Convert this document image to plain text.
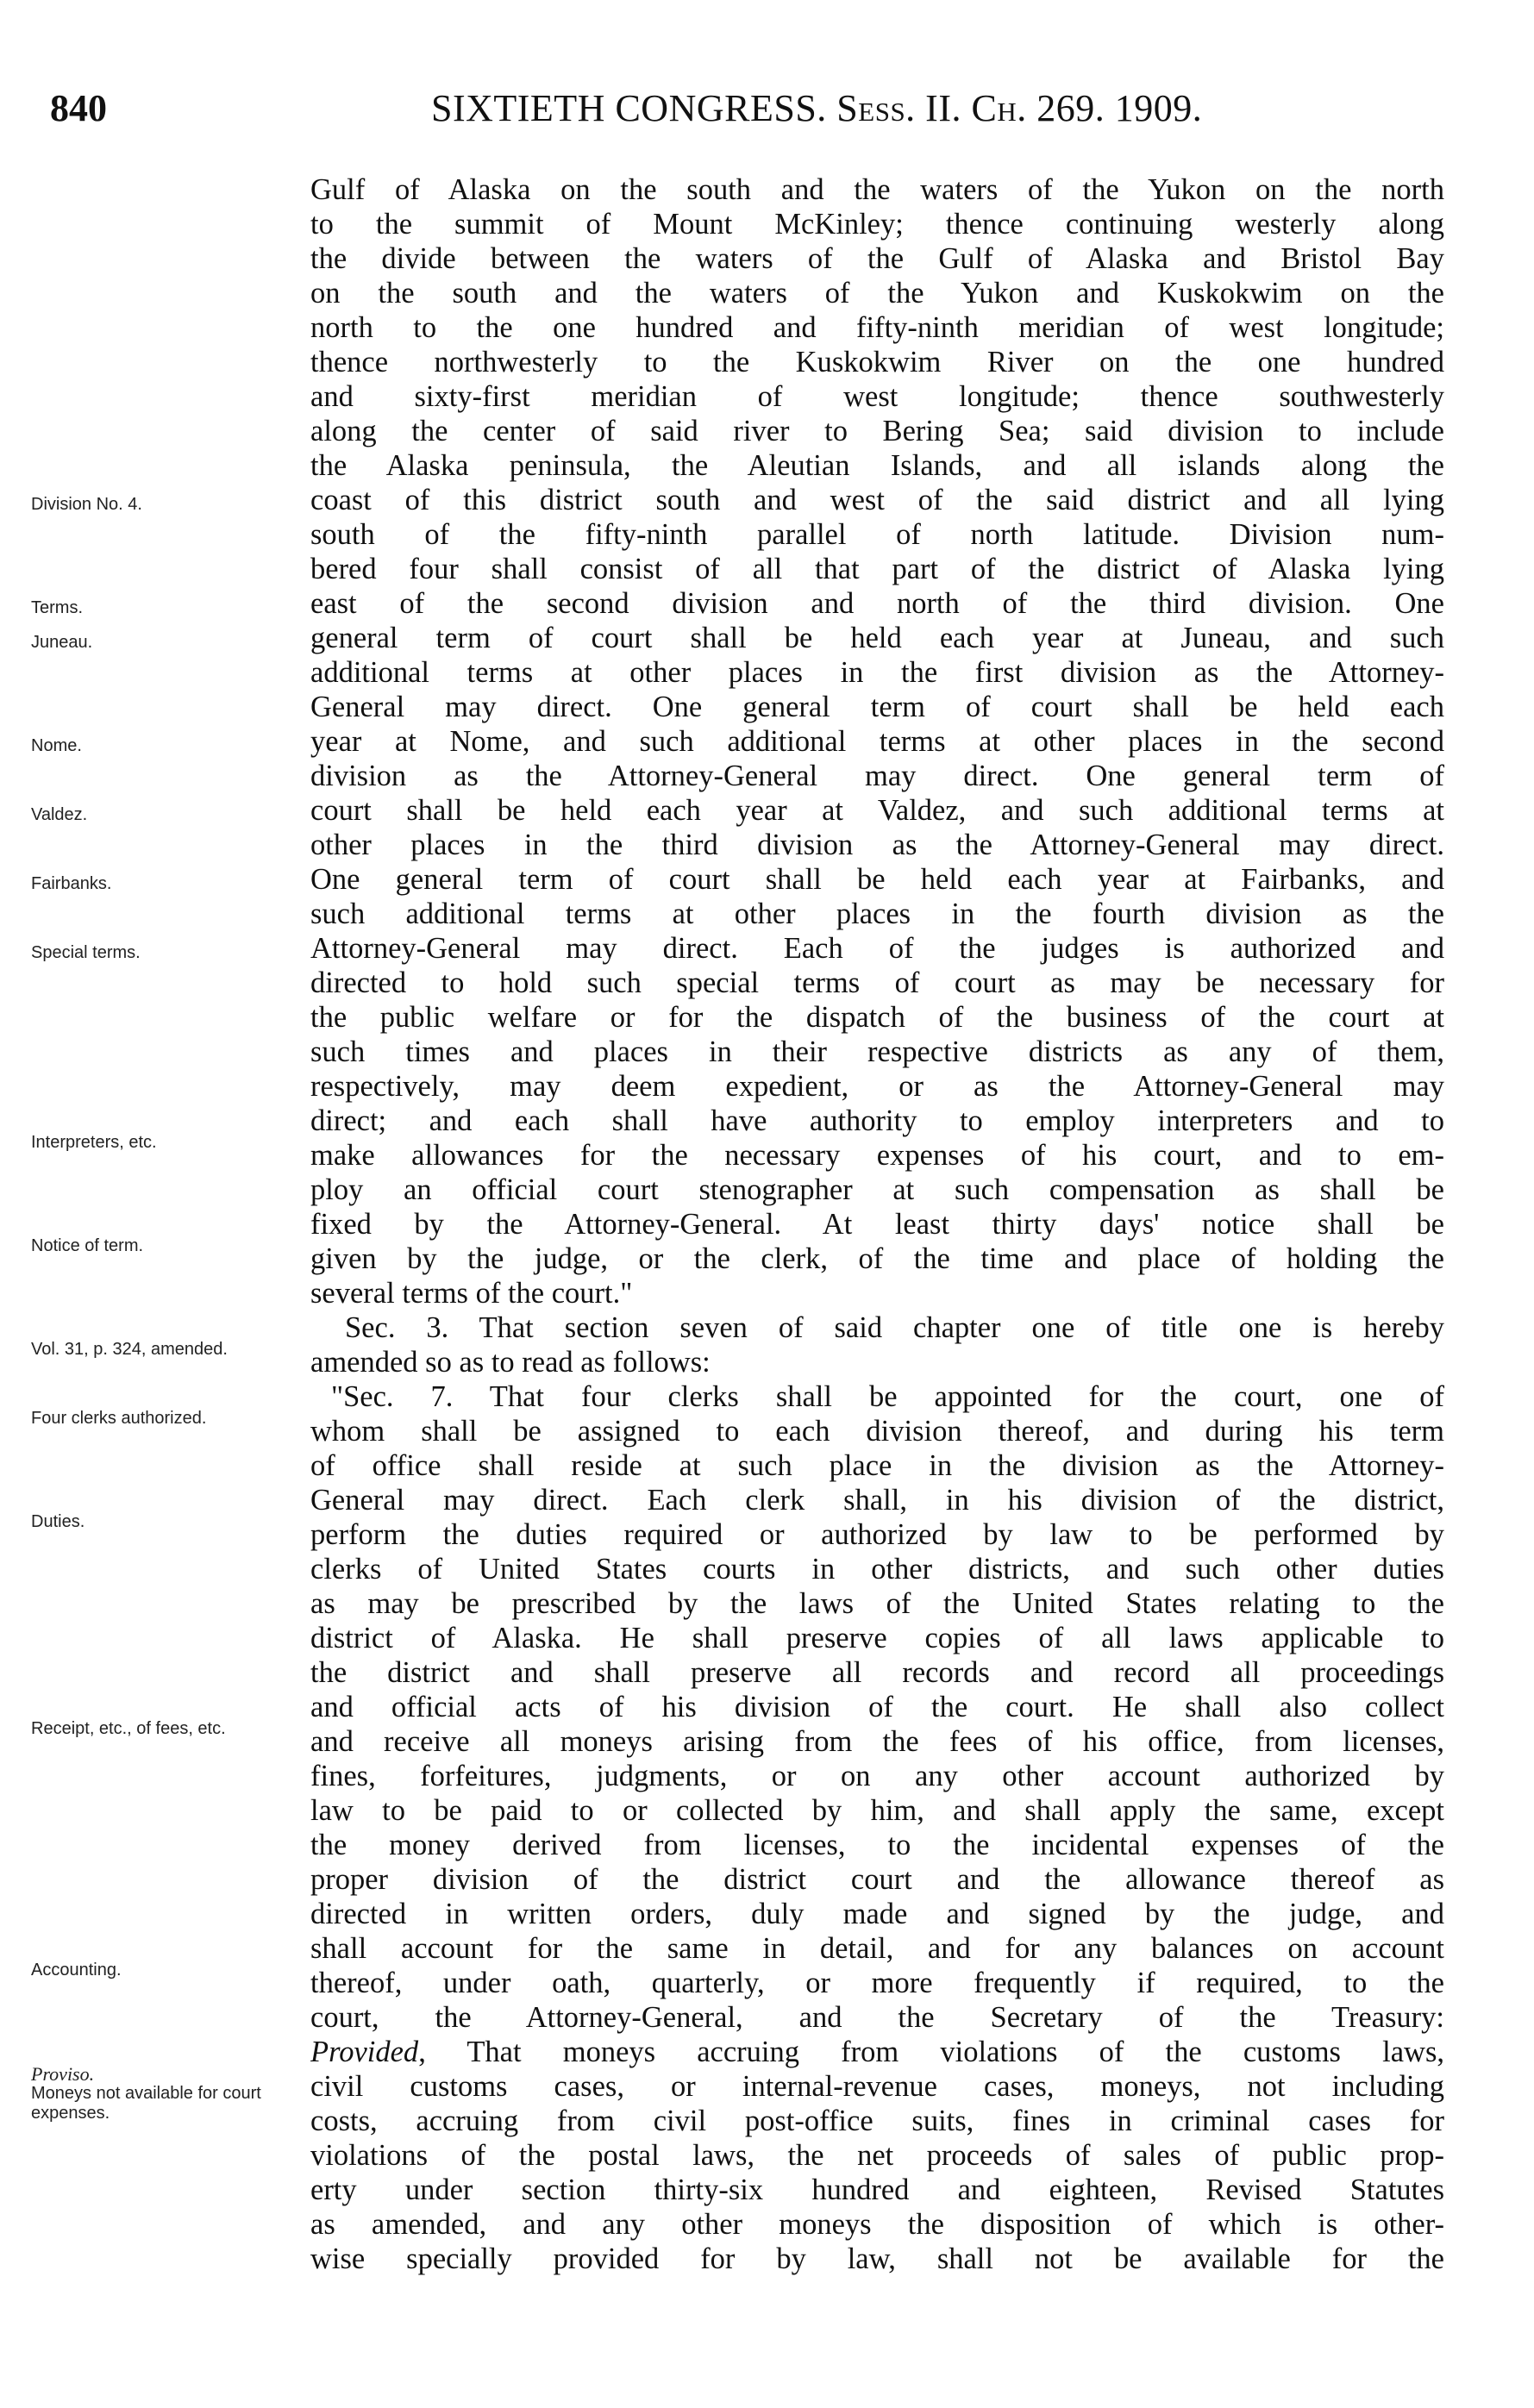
840	SIXTIETH CONGRESS. Sess. II. Ch. 269. 1909.
Division No. 4.
Terms.
Juneau.
Nome.
Valdez.
Fairbanks.
Special terms.
Interpreters, etc.
Notice of term.
Vol. 31, p. 324, amended.
Four clerks authorized.
Duties.
Receipt, etc., of fees, etc.
Accounting.
Proviso.
Moneys not available for court expenses.
Gulf of Alaska on the south and the waters of the Yukon on the north
to the summit of Mount McKinley; thence continuing westerly along
the divide between the waters of the Gulf of Alaska and Bristol Bay
on the south and the waters of the Yukon and Kuskokwim on the
north to the one hundred and fifty-ninth meridian of west longitude;
thence northwesterly to the Kuskokwim River on the one hundred
and sixty-first meridian of west longitude; thence southwesterly
along the center of said river to Bering Sea; said division to include
the Alaska peninsula, the Aleutian Islands, and all islands along the
coast of this district south and west of the said district and all lying
south of the fifty-ninth parallel of north latitude. Division num-
bered four shall consist of all that part of the district of Alaska lying
east of the second division and north of the third division. One
general term of court shall be held each year at Juneau, and such
additional terms at other places in the first division as the Attorney-
General may direct. One general term of court shall be held each
year at Nome, and such additional terms at other places in the second
division as the Attorney-General may direct. One general term of
court shall be held each year at Valdez, and such additional terms at
other places in the third division as the Attorney-General may direct.
One general term of court shall be held each year at Fairbanks, and
such additional terms at other places in the fourth division as the
Attorney-General may direct. Each of the judges is authorized and
directed to hold such special terms of court as may be necessary for
the public welfare or for the dispatch of the business of the court at
such times and places in their respective districts as any of them,
respectively, may deem expedient, or as the Attorney-General may
direct; and each shall have authority to employ interpreters and to
make allowances for the necessary expenses of his court, and to em-
ploy an official court stenographer at such compensation as shall be
fixed by the Attorney-General. At least thirty days' notice shall be
given by the judge, or the clerk, of the time and place of holding the
several terms of the court."
Sec. 3. That section seven of said chapter one of title one is hereby
amended so as to read as follows:
"Sec. 7. That four clerks shall be appointed for the court, one of
whom shall be assigned to each division thereof, and during his term
of office shall reside at such place in the division as the Attorney-
General may direct. Each clerk shall, in his division of the district,
perform the duties required or authorized by law to be performed by
clerks of United States courts in other districts, and such other duties
as may be prescribed by the laws of the United States relating to the
district of Alaska. He shall preserve copies of all laws applicable to
the district and shall preserve all records and record all proceedings
and official acts of his division of the court. He shall also collect
and receive all moneys arising from the fees of his office, from licenses,
fines, forfeitures, judgments, or on any other account authorized by
law to be paid to or collected by him, and shall apply the same, except
the money derived from licenses, to the incidental expenses of the
proper division of the district court and the allowance thereof as
directed in written orders, duly made and signed by the judge, and
shall account for the same in detail, and for any balances on account
thereof, under oath, quarterly, or more frequently if required, to the
court, the Attorney-General, and the Secretary of the Treasury:
Provided, That moneys accruing from violations of the customs laws,
civil customs cases, or internal-revenue cases, moneys, not including
costs, accruing from civil post-office suits, fines in criminal cases for
violations of the postal laws, the net proceeds of sales of public prop-
erty under section thirty-six hundred and eighteen, Revised Statutes
as amended, and any other moneys the disposition of which is other-
wise specially provided for by law, shall not be available for the
